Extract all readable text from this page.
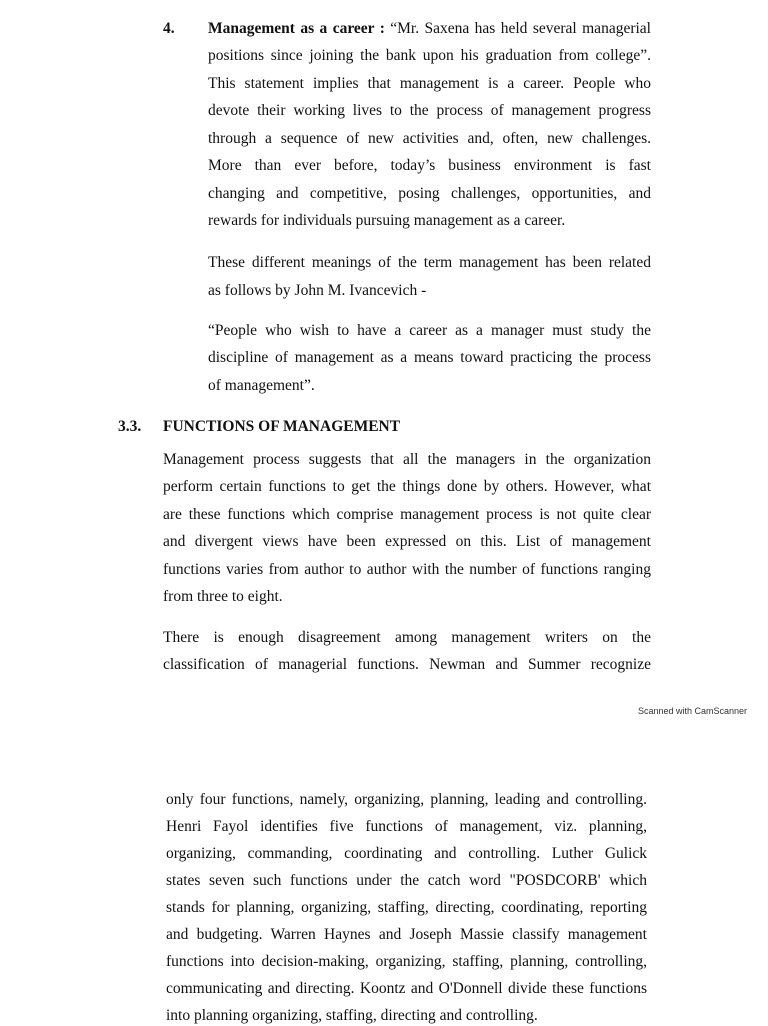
4. Management as a career : “Mr. Saxena has held several managerial
positions since joining the bank upon his graduation from college”.
This statement implies that management is a career. People who
devote their working lives to the process of management progress
through a sequence of new activities and, often, new challenges.
More than ever before, today’s business environment is fast
changing and competitive, posing challenges, opportunities, and
rewards for individuals pursuing management as a career.
These different meanings of the term management has been related
as follows by John M. Ivancevich -
“People who wish to have a career as a manager must study the
discipline of management as a means toward practicing the process
of management”.
3.3. FUNCTIONS OF MANAGEMENT
Management process suggests that all the managers in the organization
perform certain functions to get the things done by others. However, what
are these functions which comprise management process is not quite clear
and divergent views have been expressed on this. List of management
functions varies from author to author with the number of functions ranging
from three to eight.
There is enough disagreement among management writers on the
classification of managerial functions. Newman and Summer recognize
Scanned with CamScanner
only four functions, namely, organizing, planning, leading and controlling.
Henri Fayol identifies five functions of management, viz. planning,
organizing, commanding, coordinating and controlling. Luther Gulick
states seven such functions under the catch word "POSDCORB' which
stands for planning, organizing, staffing, directing, coordinating, reporting
and budgeting. Warren Haynes and Joseph Massie classify management
functions into decision-making, organizing, staffing, planning, controlling,
communicating and directing. Koontz and O'Donnell divide these functions
into planning organizing, staffing, directing and controlling.
